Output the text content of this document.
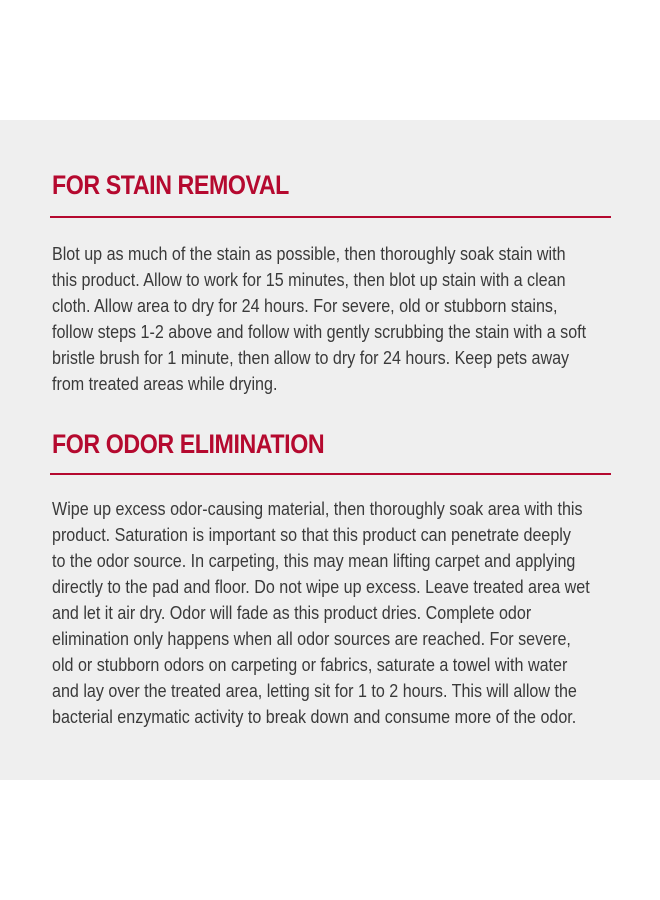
FOR STAIN REMOVAL
Blot up as much of the stain as possible, then thoroughly soak stain with
this product. Allow to work for 15 minutes, then blot up stain with a clean
cloth. Allow area to dry for 24 hours. For severe, old or stubborn stains,
follow steps 1-2 above and follow with gently scrubbing the stain with a soft
bristle brush for 1 minute, then allow to dry for 24 hours. Keep pets away
from treated areas while drying.
FOR ODOR ELIMINATION
Wipe up excess odor-causing material, then thoroughly soak area with this
product. Saturation is important so that this product can penetrate deeply
to the odor source. In carpeting, this may mean lifting carpet and applying
directly to the pad and floor. Do not wipe up excess. Leave treated area wet
and let it air dry. Odor will fade as this product dries. Complete odor
elimination only happens when all odor sources are reached. For severe,
old or stubborn odors on carpeting or fabrics, saturate a towel with water
and lay over the treated area, letting sit for 1 to 2 hours. This will allow the
bacterial enzymatic activity to break down and consume more of the odor.
